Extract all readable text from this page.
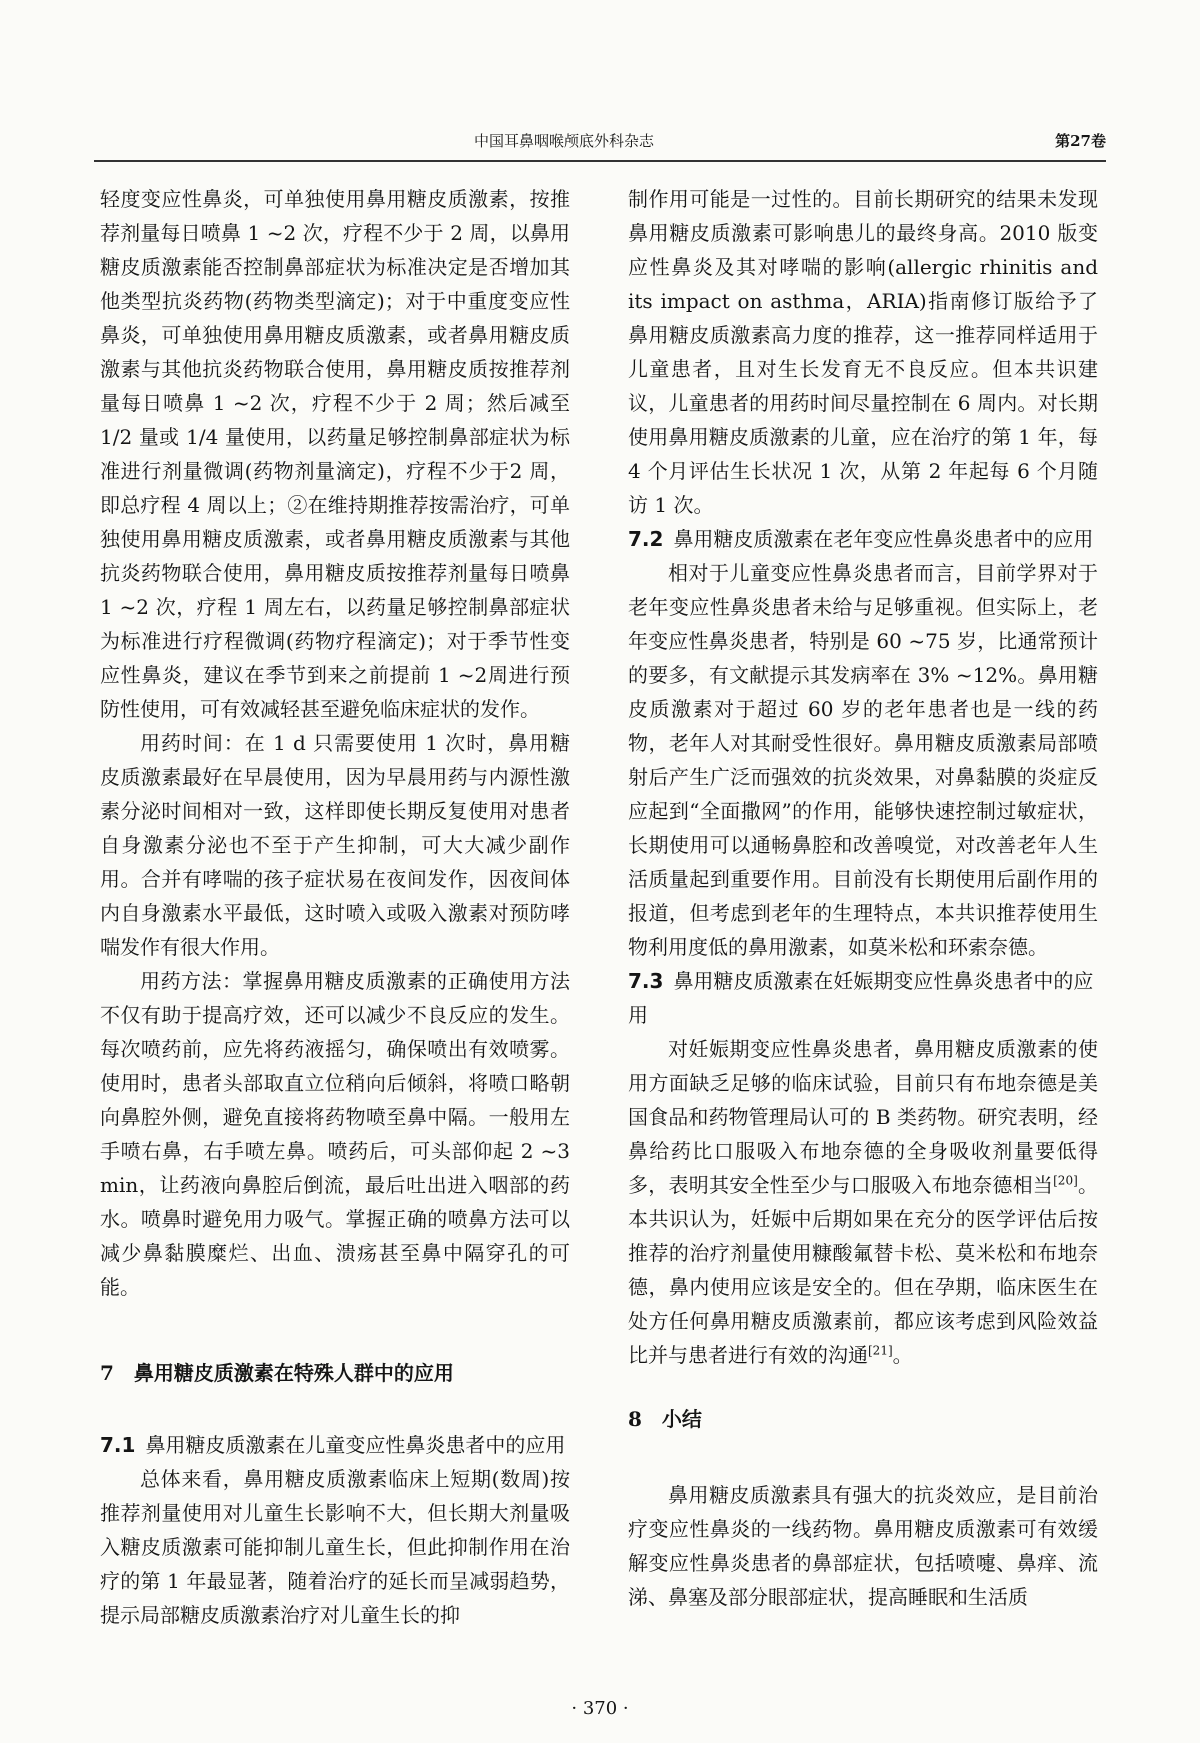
中国耳鼻咽喉颅底外科杂志	第27卷

轻度变应性鼻炎，可单独使用鼻用糖皮质激素，按推荐剂量每日喷鼻 1 ~2 次，疗程不少于 2 周，以鼻用糖皮质激素能否控制鼻部症状为标准决定是否增加其他类型抗炎药物(药物类型滴定)；对于中重度变应性鼻炎，可单独使用鼻用糖皮质激素，或者鼻用糖皮质激素与其他抗炎药物联合使用，鼻用糖皮质按推荐剂量每日喷鼻 1 ~2 次，疗程不少于 2 周；然后减至 1/2 量或 1/4 量使用，以药量足够控制鼻部症状为标准进行剂量微调(药物剂量滴定)，疗程不少于2 周，即总疗程 4 周以上；②在维持期推荐按需治疗，可单独使用鼻用糖皮质激素，或者鼻用糖皮质激素与其他抗炎药物联合使用，鼻用糖皮质按推荐剂量每日喷鼻 1 ~2 次，疗程 1 周左右，以药量足够控制鼻部症状为标准进行疗程微调(药物疗程滴定)；对于季节性变应性鼻炎，建议在季节到来之前提前 1 ~2周进行预防性使用，可有效减轻甚至避免临床症状的发作。

用药时间：在 1 d 只需要使用 1 次时，鼻用糖皮质激素最好在早晨使用，因为早晨用药与内源性激素分泌时间相对一致，这样即使长期反复使用对患者自身激素分泌也不至于产生抑制，可大大减少副作用。合并有哮喘的孩子症状易在夜间发作，因夜间体内自身激素水平最低，这时喷入或吸入激素对预防哮喘发作有很大作用。

用药方法：掌握鼻用糖皮质激素的正确使用方法不仅有助于提高疗效，还可以减少不良反应的发生。每次喷药前，应先将药液摇匀，确保喷出有效喷雾。使用时，患者头部取直立位稍向后倾斜，将喷口略朝向鼻腔外侧，避免直接将药物喷至鼻中隔。一般用左手喷右鼻，右手喷左鼻。喷药后，可头部仰起 2 ~3 min，让药液向鼻腔后倒流，最后吐出进入咽部的药水。喷鼻时避免用力吸气。掌握正确的喷鼻方法可以减少鼻黏膜糜烂、出血、溃疡甚至鼻中隔穿孔的可能。

7　鼻用糖皮质激素在特殊人群中的应用
7.1 鼻用糖皮质激素在儿童变应性鼻炎患者中的应用

总体来看，鼻用糖皮质激素临床上短期(数周)按推荐剂量使用对儿童生长影响不大，但长期大剂量吸入糖皮质激素可能抑制儿童生长，但此抑制作用在治疗的第 1 年最显著，随着治疗的延长而呈减弱趋势，提示局部糖皮质激素治疗对儿童生长的抑

制作用可能是一过性的。目前长期研究的结果未发现鼻用糖皮质激素可影响患儿的最终身高。2010 版变应性鼻炎及其对哮喘的影响(allergic rhinitis and its impact on asthma，ARIA)指南修订版给予了鼻用糖皮质激素高力度的推荐，这一推荐同样适用于儿童患者，且对生长发育无不良反应。但本共识建议，儿童患者的用药时间尽量控制在 6 周内。对长期使用鼻用糖皮质激素的儿童，应在治疗的第 1 年，每 4 个月评估生长状况 1 次，从第 2 年起每 6 个月随访 1 次。

7.2 鼻用糖皮质激素在老年变应性鼻炎患者中的应用

相对于儿童变应性鼻炎患者而言，目前学界对于老年变应性鼻炎患者未给与足够重视。但实际上，老年变应性鼻炎患者，特别是 60 ~75 岁，比通常预计的要多，有文献提示其发病率在 3% ~12%。鼻用糖皮质激素对于超过 60 岁的老年患者也是一线的药物，老年人对其耐受性很好。鼻用糖皮质激素局部喷射后产生广泛而强效的抗炎效果，对鼻黏膜的炎症反应起到“全面撒网”的作用，能够快速控制过敏症状，长期使用可以通畅鼻腔和改善嗅觉，对改善老年人生活质量起到重要作用。目前没有长期使用后副作用的报道，但考虑到老年的生理特点，本共识推荐使用生物利用度低的鼻用激素，如莫米松和环索奈德。

7.3 鼻用糖皮质激素在妊娠期变应性鼻炎患者中的应用

对妊娠期变应性鼻炎患者，鼻用糖皮质激素的使用方面缺乏足够的临床试验，目前只有布地奈德是美国食品和药物管理局认可的 B 类药物。研究表明，经鼻给药比口服吸入布地奈德的全身吸收剂量要低得多，表明其安全性至少与口服吸入布地奈德相当[20]。本共识认为，妊娠中后期如果在充分的医学评估后按推荐的治疗剂量使用糠酸氟替卡松、莫米松和布地奈德，鼻内使用应该是安全的。但在孕期，临床医生在处方任何鼻用糖皮质激素前，都应该考虑到风险效益比并与患者进行有效的沟通[21]。

8　小结

鼻用糖皮质激素具有强大的抗炎效应，是目前治疗变应性鼻炎的一线药物。鼻用糖皮质激素可有效缓解变应性鼻炎患者的鼻部症状，包括喷嚏、鼻痒、流涕、鼻塞及部分眼部症状，提高睡眠和生活质

· 370 ·
